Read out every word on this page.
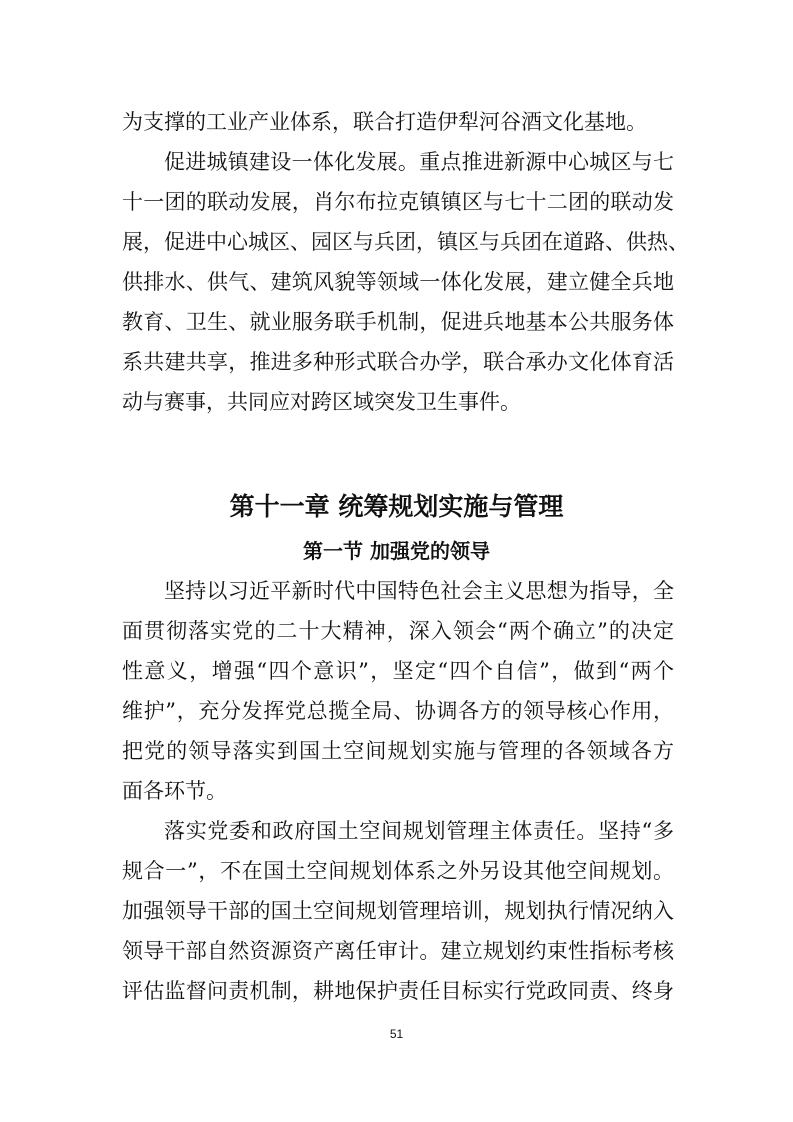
为支撑的工业产业体系，联合打造伊犁河谷酒文化基地。
促进城镇建设一体化发展。重点推进新源中心城区与七
十一团的联动发展，肖尔布拉克镇镇区与七十二团的联动发
展，促进中心城区、园区与兵团，镇区与兵团在道路、供热、
供排水、供气、建筑风貌等领域一体化发展，建立健全兵地
教育、卫生、就业服务联手机制，促进兵地基本公共服务体
系共建共享，推进多种形式联合办学，联合承办文化体育活
动与赛事，共同应对跨区域突发卫生事件。
第十一章 统筹规划实施与管理
第一节 加强党的领导
坚持以习近平新时代中国特色社会主义思想为指导，全
面贯彻落实党的二十大精神，深入领会“两个确立”的决定
性意义，增强“四个意识”，坚定“四个自信”，做到“两个
维护”，充分发挥党总揽全局、协调各方的领导核心作用，
把党的领导落实到国土空间规划实施与管理的各领域各方
面各环节。
落实党委和政府国土空间规划管理主体责任。坚持“多
规合一”，不在国土空间规划体系之外另设其他空间规划。
加强领导干部的国土空间规划管理培训，规划执行情况纳入
领导干部自然资源资产离任审计。建立规划约束性指标考核
评估监督问责机制，耕地保护责任目标实行党政同责、终身
51
